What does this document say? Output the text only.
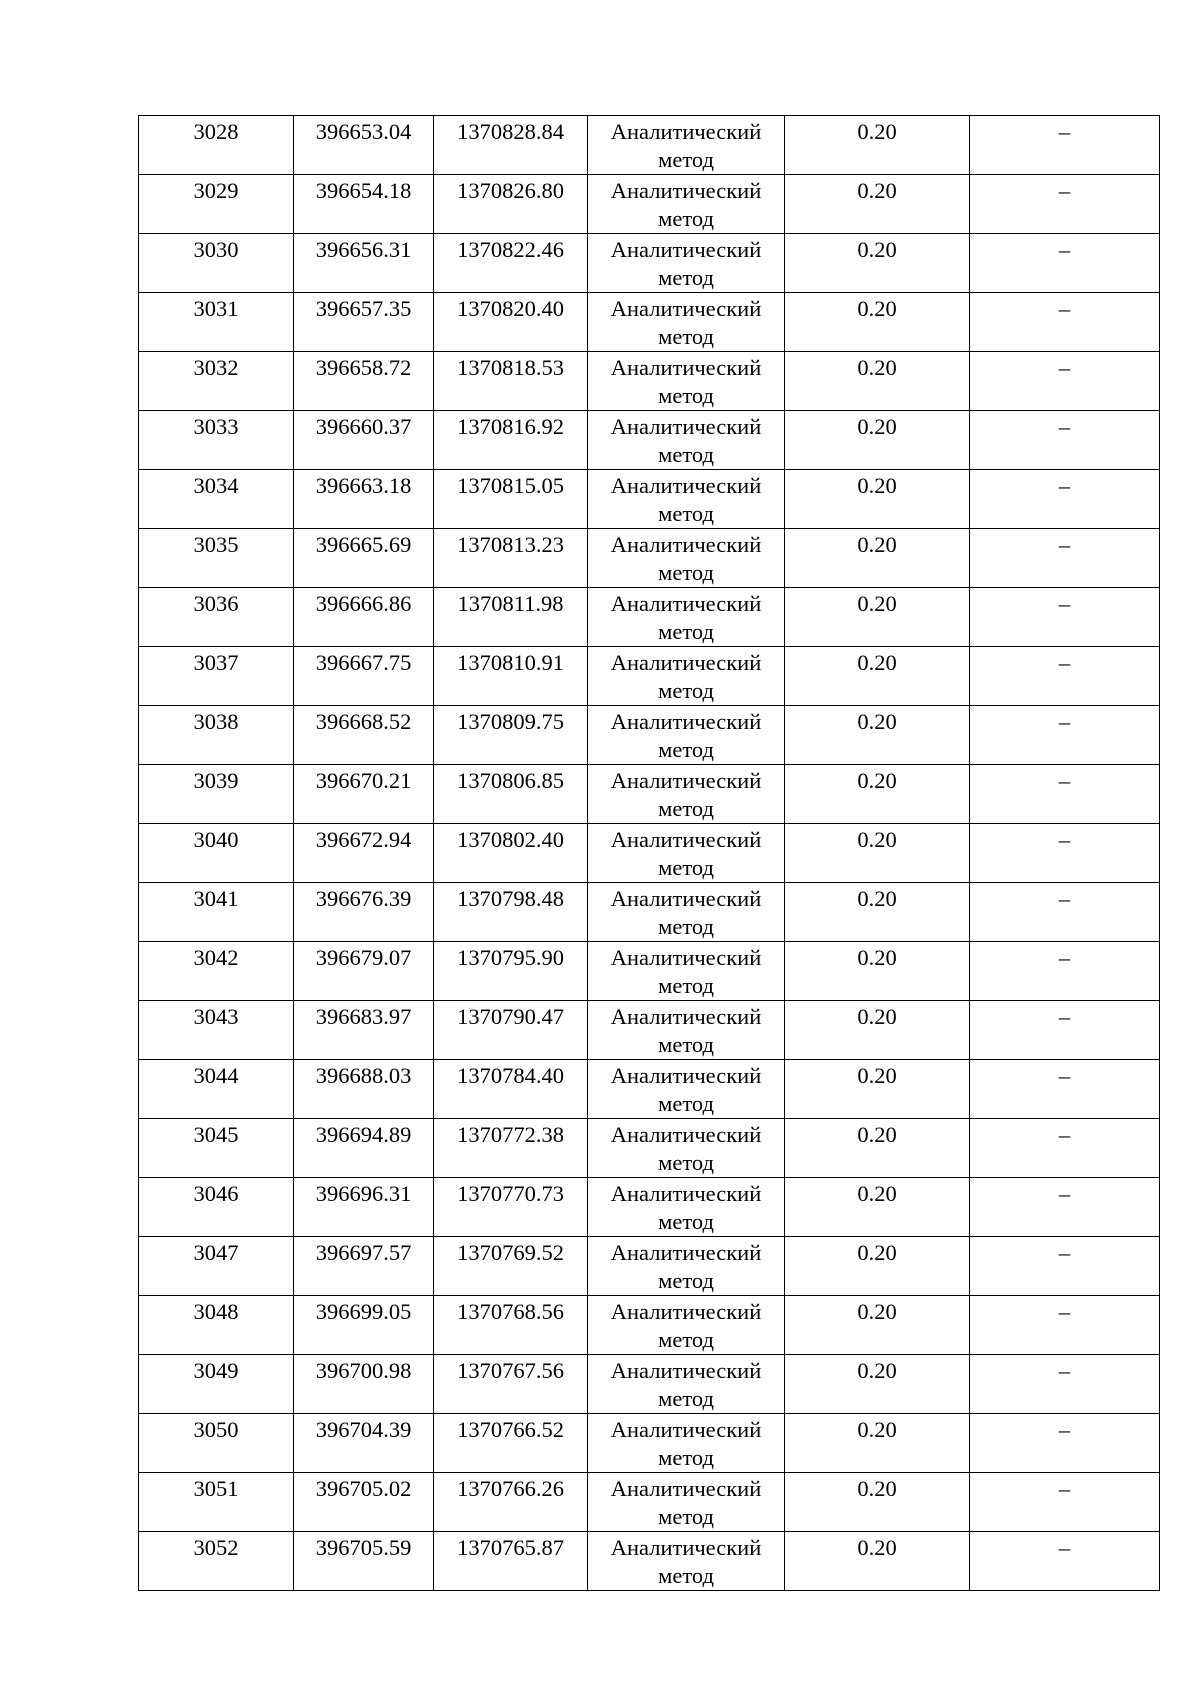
3028	396653.04	1370828.84	Аналитический метод	0.20	–

3029	396654.18	1370826.80	Аналитический метод	0.20	–

3030	396656.31	1370822.46	Аналитический метод	0.20	–

3031	396657.35	1370820.40	Аналитический метод	0.20	–

3032	396658.72	1370818.53	Аналитический метод	0.20	–

3033	396660.37	1370816.92	Аналитический метод	0.20	–

3034	396663.18	1370815.05	Аналитический метод	0.20	–

3035	396665.69	1370813.23	Аналитический метод	0.20	–

3036	396666.86	1370811.98	Аналитический метод	0.20	–

3037	396667.75	1370810.91	Аналитический метод	0.20	–

3038	396668.52	1370809.75	Аналитический метод	0.20	–

3039	396670.21	1370806.85	Аналитический метод	0.20	–

3040	396672.94	1370802.40	Аналитический метод	0.20	–

3041	396676.39	1370798.48	Аналитический метод	0.20	–

3042	396679.07	1370795.90	Аналитический метод	0.20	–

3043	396683.97	1370790.47	Аналитический метод	0.20	–

3044	396688.03	1370784.40	Аналитический метод	0.20	–

3045	396694.89	1370772.38	Аналитический метод	0.20	–

3046	396696.31	1370770.73	Аналитический метод	0.20	–

3047	396697.57	1370769.52	Аналитический метод	0.20	–

3048	396699.05	1370768.56	Аналитический метод	0.20	–

3049	396700.98	1370767.56	Аналитический метод	0.20	–

3050	396704.39	1370766.52	Аналитический метод	0.20	–

3051	396705.02	1370766.26	Аналитический метод	0.20	–

3052	396705.59	1370765.87	Аналитический метод	0.20	–
